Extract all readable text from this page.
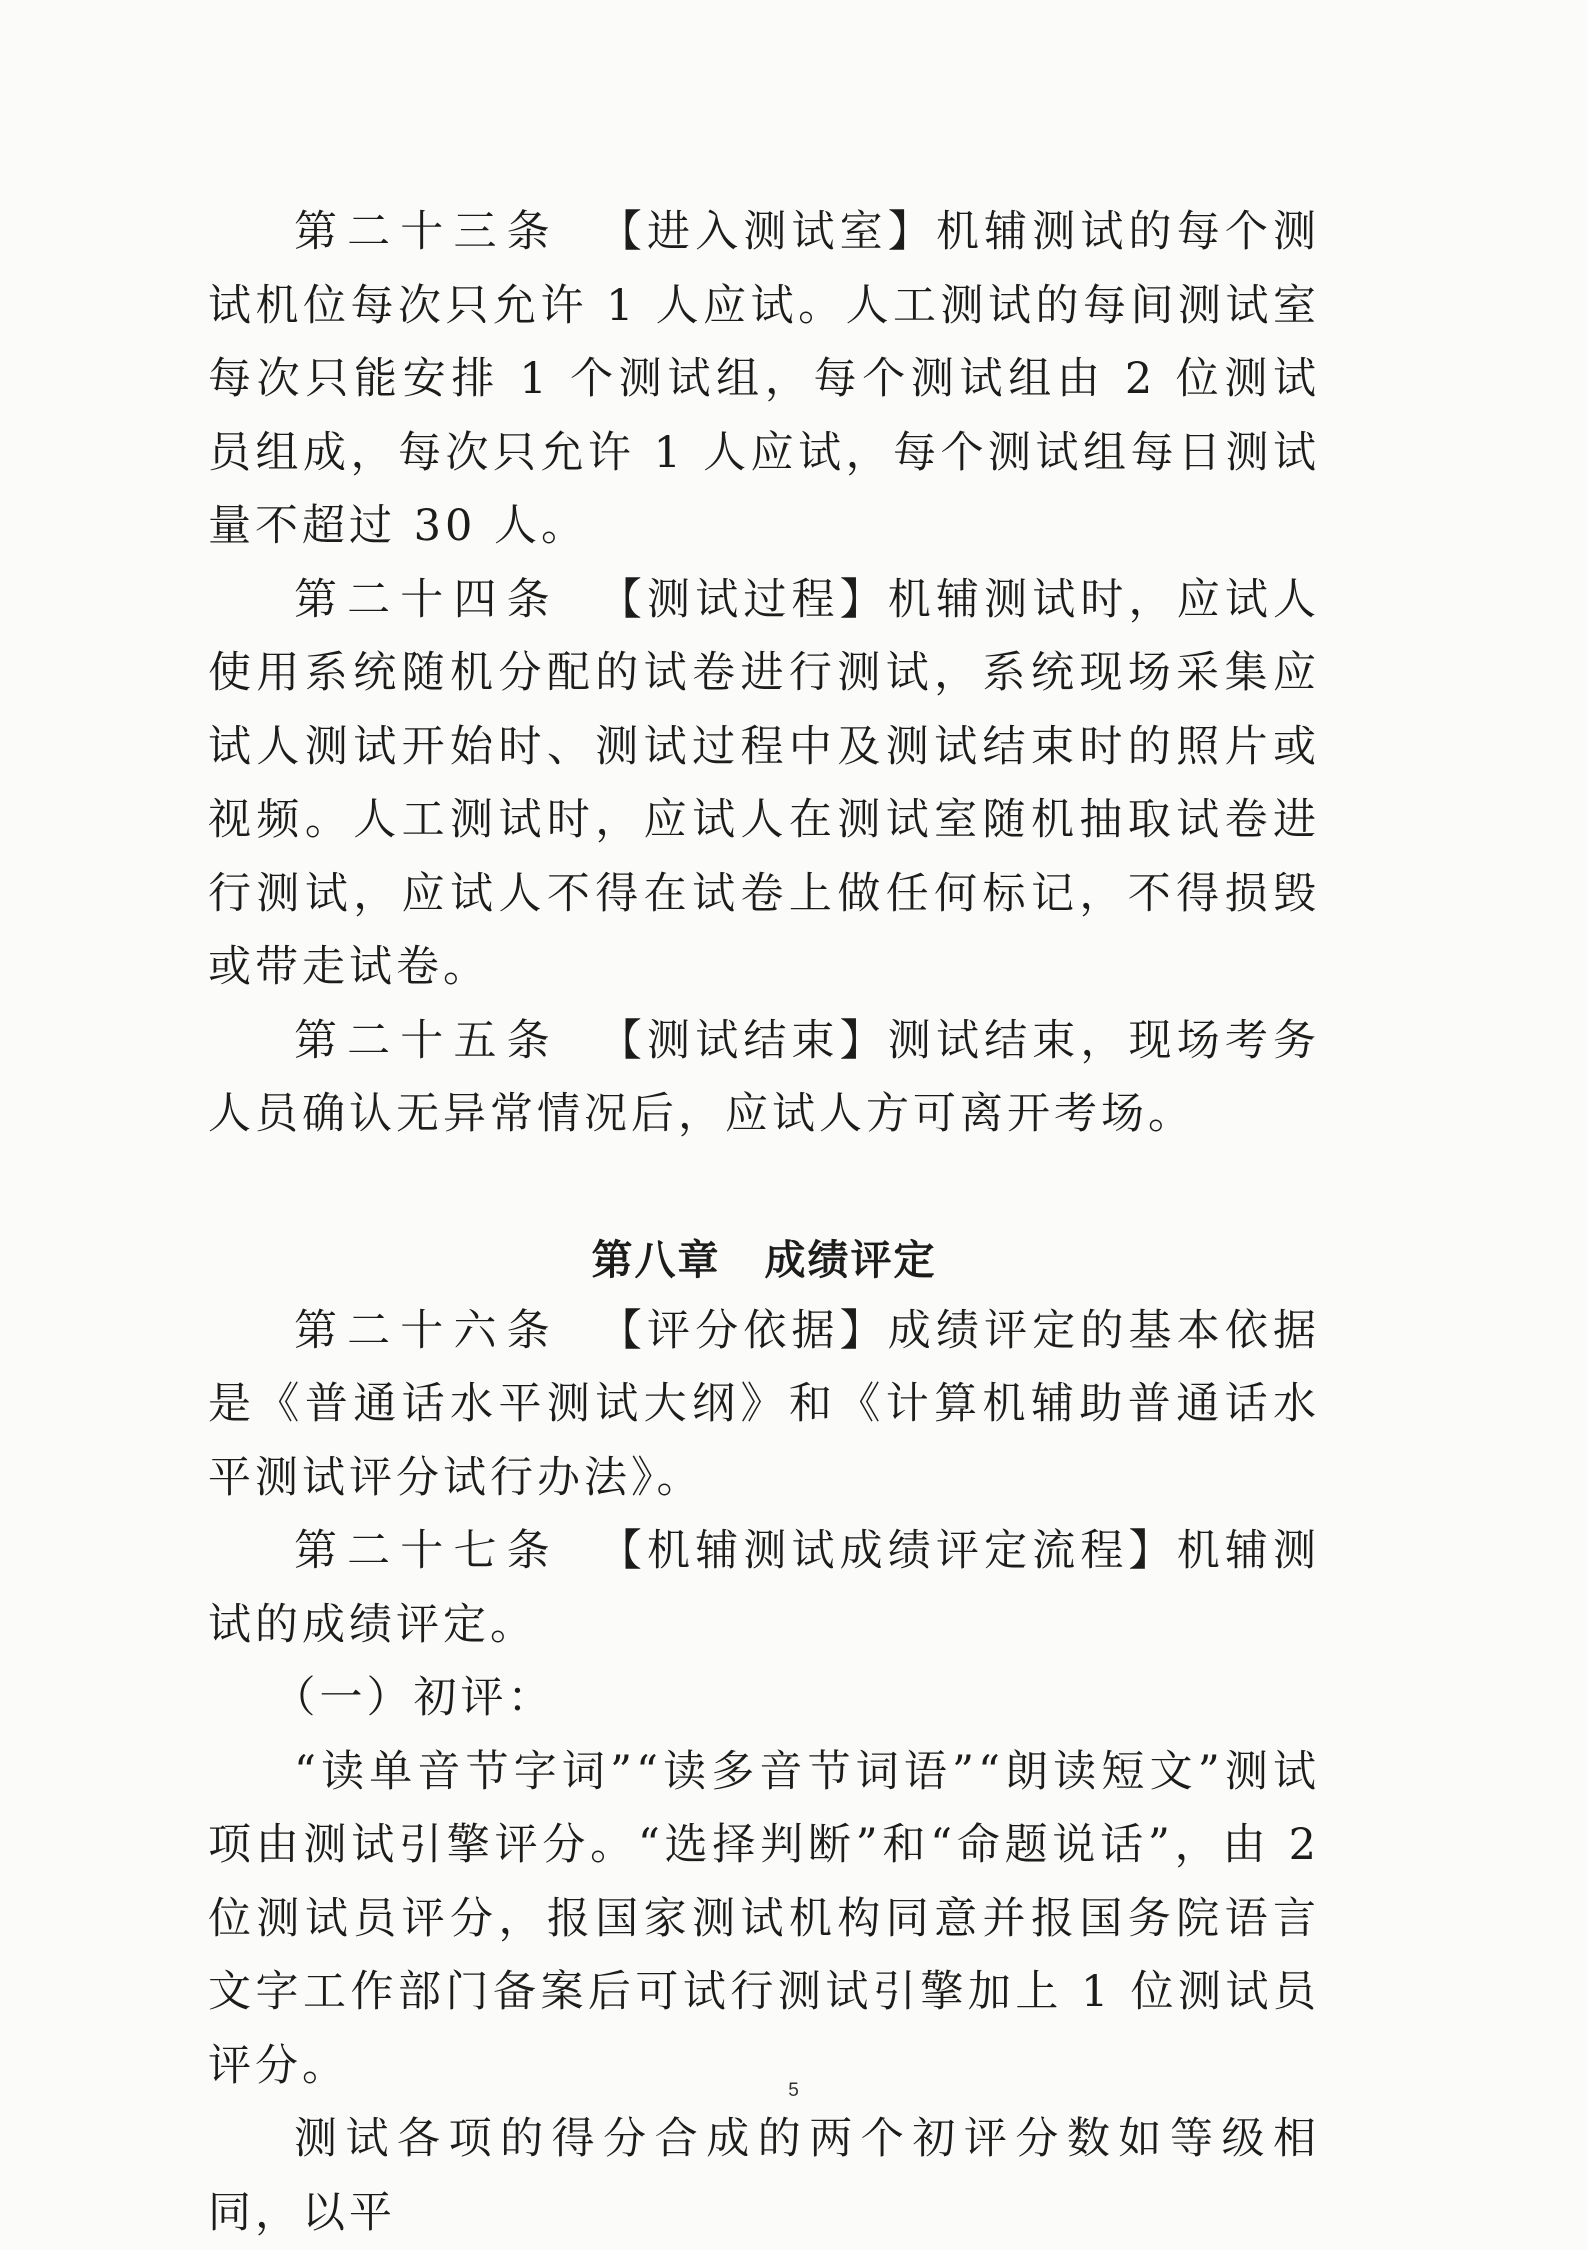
第二十三条 【进入测试室】机辅测试的每个测试机位每次只允许 1 人应试。人工测试的每间测试室每次只能安排 1 个测试组，每个测试组由 2 位测试员组成，每次只允许 1 人应试，每个测试组每日测试量不超过 30 人。

第二十四条 【测试过程】机辅测试时，应试人使用系统随机分配的试卷进行测试，系统现场采集应试人测试开始时、测试过程中及测试结束时的照片或视频。人工测试时，应试人在测试室随机抽取试卷进行测试，应试人不得在试卷上做任何标记，不得损毁或带走试卷。

第二十五条 【测试结束】测试结束，现场考务人员确认无异常情况后，应试人方可离开考场。

第八章 成绩评定

第二十六条 【评分依据】成绩评定的基本依据是《普通话水平测试大纲》和《计算机辅助普通话水平测试评分试行办法》。

第二十七条 【机辅测试成绩评定流程】机辅测试的成绩评定。

（一）初评：

“读单音节字词”“读多音节词语”“朗读短文”测试项由测试引擎评分。“选择判断”和“命题说话”，由 2 位测试员评分，报国家测试机构同意并报国务院语言文字工作部门备案后可试行测试引擎加上 1 位测试员评分。

测试各项的得分合成的两个初评分数如等级相同，以平

5
